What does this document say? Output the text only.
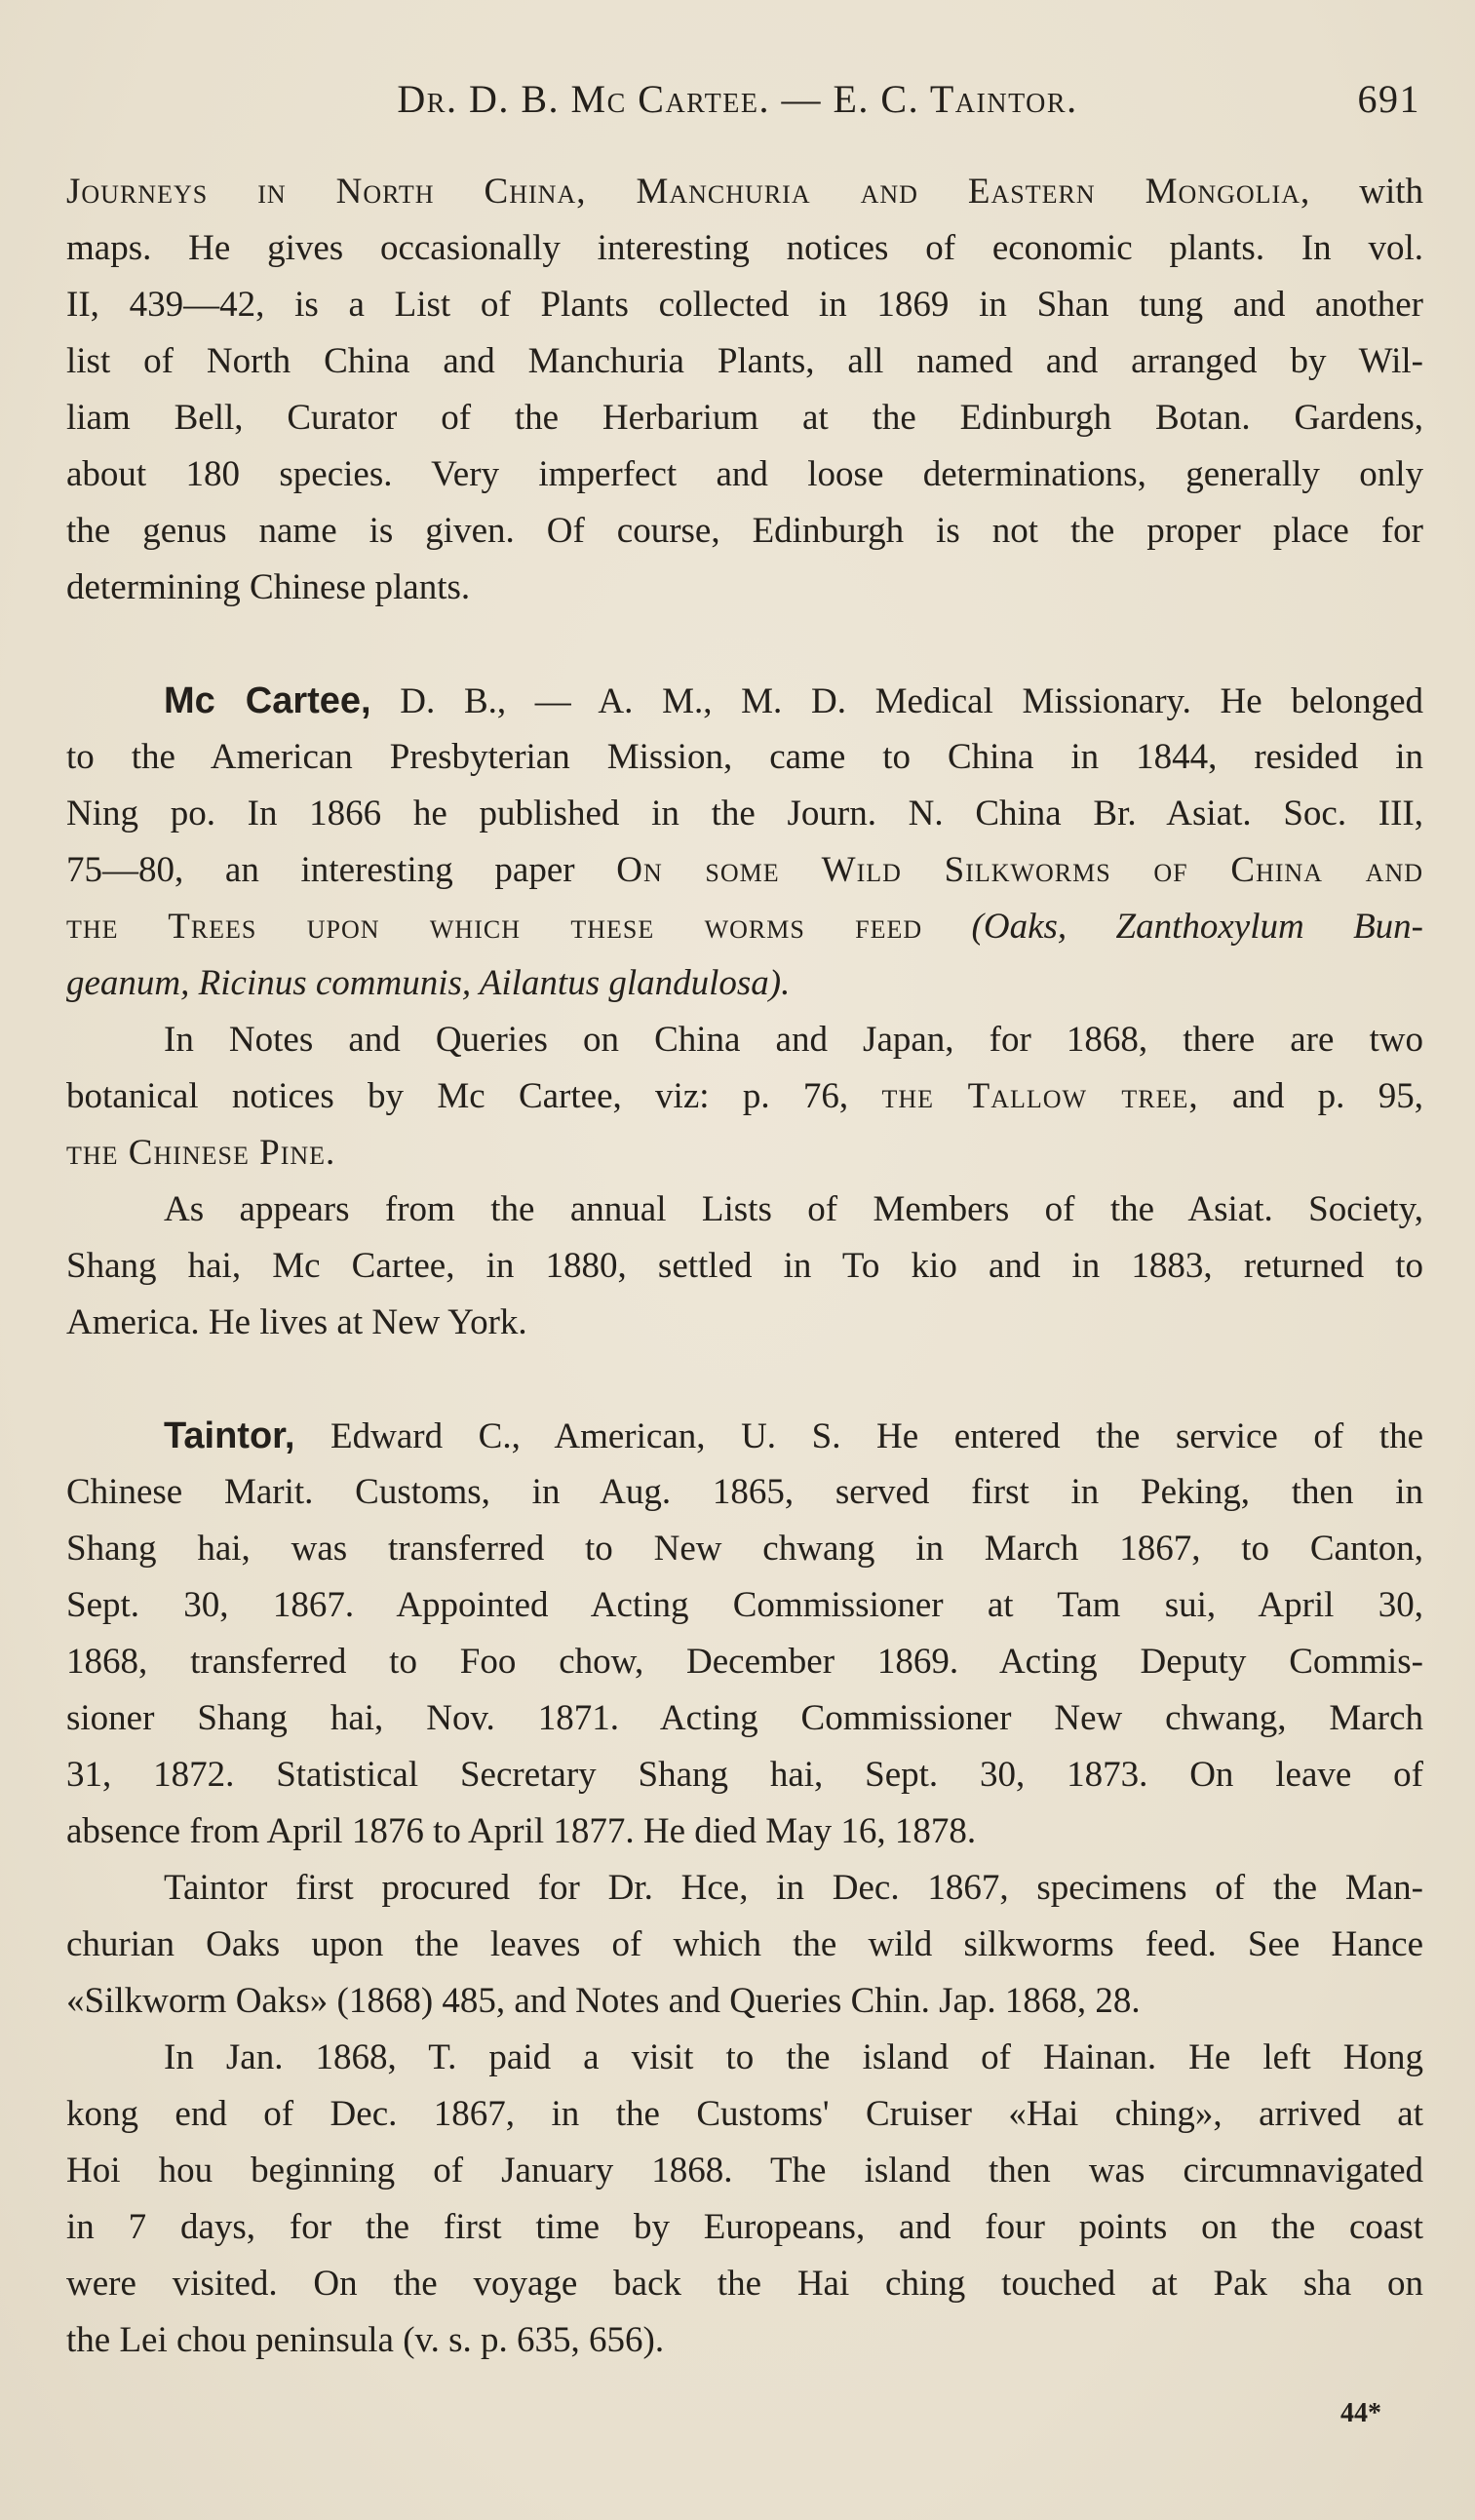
Dr. D. B. Mc Cartee. — E. C. Taintor.	691
Journeys in North China, Manchuria and Eastern Mongolia, with
maps. He gives occasionally interesting notices of economic plants. In vol.
II, 439—42, is a List of Plants collected in 1869 in Shan tung and another
list of North China and Manchuria Plants, all named and arranged by Wil-
liam Bell, Curator of the Herbarium at the Edinburgh Botan. Gardens,
about 180 species. Very imperfect and loose determinations, generally only
the genus name is given. Of course, Edinburgh is not the proper place for
determining Chinese plants.
Mc Cartee, D. B., — A. M., M. D. Medical Missionary. He belonged
to the American Presbyterian Mission, came to China in 1844, resided in
Ning po. In 1866 he published in the Journ. N. China Br. Asiat. Soc. III,
75—80, an interesting paper On some Wild Silkworms of China and
the Trees upon which these worms feed (Oaks, Zanthoxylum Bun-
geanum, Ricinus communis, Ailantus glandulosa).
In Notes and Queries on China and Japan, for 1868, there are two
botanical notices by Mc Cartee, viz: p. 76, the Tallow tree, and p. 95,
the Chinese Pine.
As appears from the annual Lists of Members of the Asiat. Society,
Shang hai, Mc Cartee, in 1880, settled in To kio and in 1883, returned to
America. He lives at New York.
Taintor, Edward C., American, U. S. He entered the service of the
Chinese Marit. Customs, in Aug. 1865, served first in Peking, then in
Shang hai, was transferred to New chwang in March 1867, to Canton,
Sept. 30, 1867. Appointed Acting Commissioner at Tam sui, April 30,
1868, transferred to Foo chow, December 1869. Acting Deputy Commis-
sioner Shang hai, Nov. 1871. Acting Commissioner New chwang, March
31, 1872. Statistical Secretary Shang hai, Sept. 30, 1873. On leave of
absence from April 1876 to April 1877. He died May 16, 1878.
Taintor first procured for Dr. Hce, in Dec. 1867, specimens of the Man-
churian Oaks upon the leaves of which the wild silkworms feed. See Hance
«Silkworm Oaks» (1868) 485, and Notes and Queries Chin. Jap. 1868, 28.
In Jan. 1868, T. paid a visit to the island of Hainan. He left Hong
kong end of Dec. 1867, in the Customs' Cruiser «Hai ching», arrived at
Hoi hou beginning of January 1868. The island then was circumnavigated
in 7 days, for the first time by Europeans, and four points on the coast
were visited. On the voyage back the Hai ching touched at Pak sha on
the Lei chou peninsula (v. s. p. 635, 656).
44*
